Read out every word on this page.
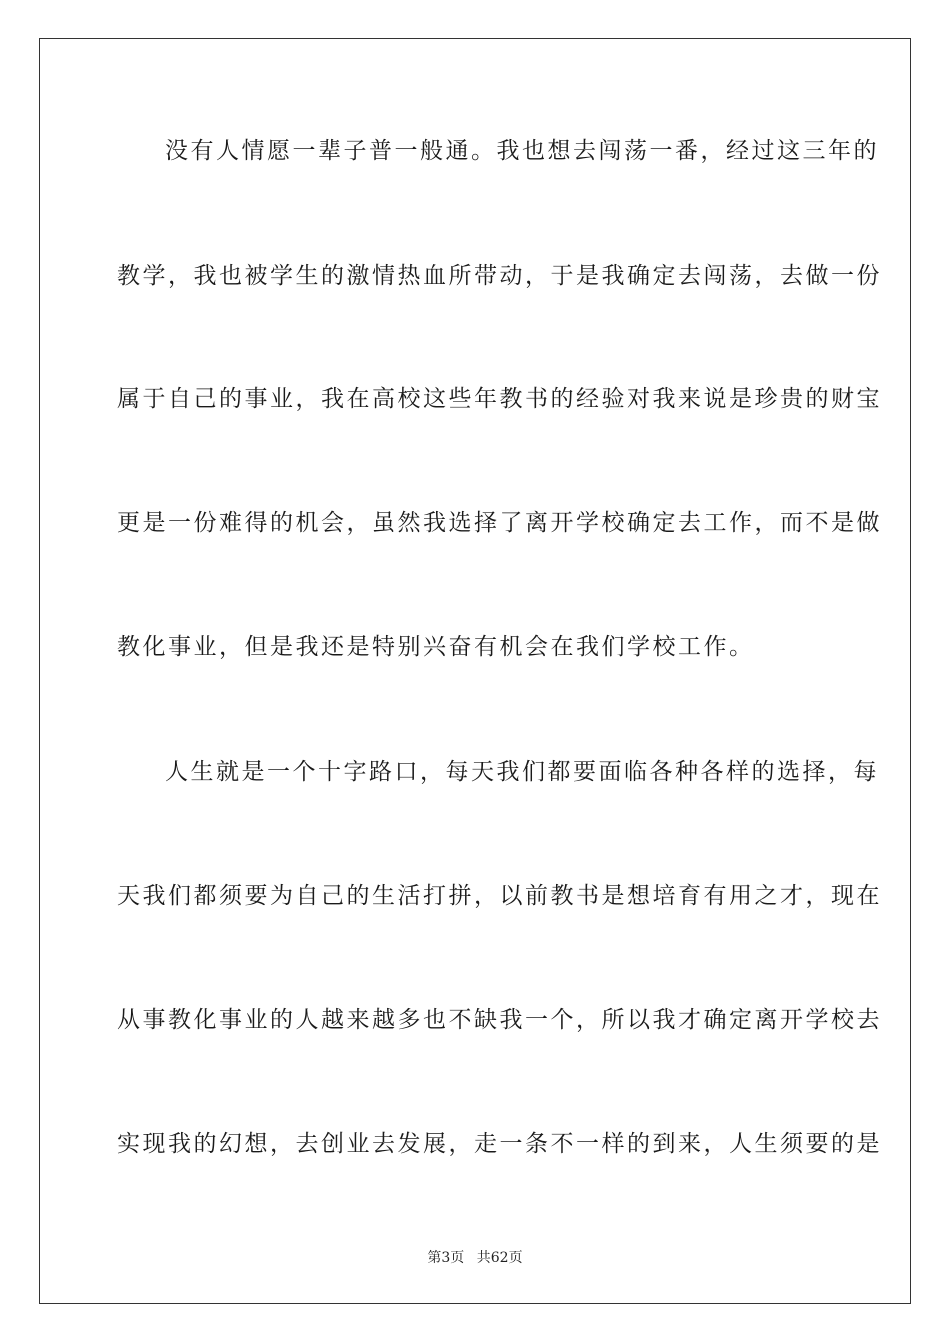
没有人情愿一辈子普一般通。我也想去闯荡一番，经过这三年的
教学，我也被学生的激情热血所带动，于是我确定去闯荡，去做一份
属于自己的事业，我在高校这些年教书的经验对我来说是珍贵的财宝
更是一份难得的机会，虽然我选择了离开学校确定去工作，而不是做
教化事业，但是我还是特别兴奋有机会在我们学校工作。
人生就是一个十字路口，每天我们都要面临各种各样的选择，每
天我们都须要为自己的生活打拼，以前教书是想培育有用之才，现在
从事教化事业的人越来越多也不缺我一个，所以我才确定离开学校去
实现我的幻想，去创业去发展，走一条不一样的到来，人生须要的是
第3页 共62页
